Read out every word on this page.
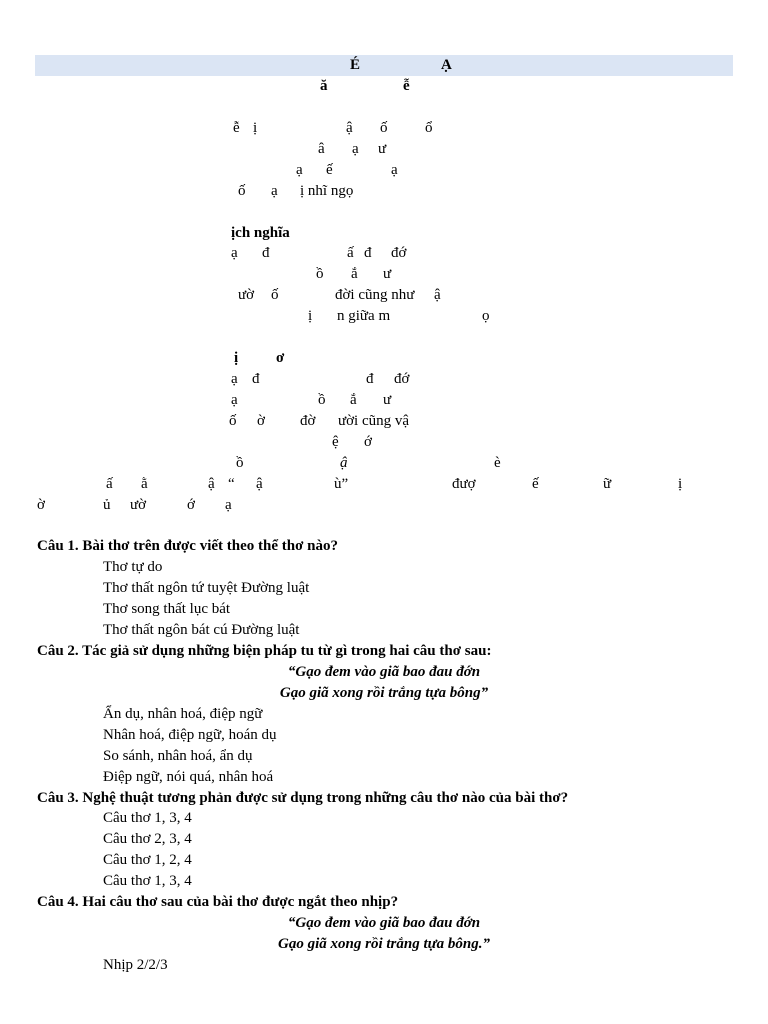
É	Ạ
ă	ễ
ễ ị	ậ ố	ổ
â ạ ư
ạ ế	ạ
ố ạ ị nhĩ ngọ
ịch nghĩa
ạ đ	ấ đ đớ
ồ ắ ư
ườ ố	đời cũng như ậ
ị n giữa m	ọ
ị	ơ
ạ đ	đ đớ
ạ	ồ ắ ư
ố ờ đờ ười cũng vậ
ệ ớ
ồ	ậ	è
ấ ằ	ậ “ ậ	ù”	đượ	ế	ữ	ị
ờ	ủ ườ	ớ ạ
Câu 1. Bài thơ trên được viết theo thể thơ nào?
Thơ tự do
Thơ thất ngôn tứ tuyệt Đường luật
Thơ song thất lục bát
Thơ thất ngôn bát cú Đường luật
Câu 2. Tác giả sử dụng những biện pháp tu từ gì trong hai câu thơ sau:
“Gạo đem vào giã bao đau đớn
Gạo giã xong rồi trắng tựa bông”
Ẩn dụ, nhân hoá, điệp ngữ
Nhân hoá, điệp ngữ, hoán dụ
So sánh, nhân hoá, ẩn dụ
Điệp ngữ, nói quá, nhân hoá
Câu 3. Nghệ thuật tương phản được sử dụng trong những câu thơ nào của bài thơ?
Câu thơ 1, 3, 4
Câu thơ 2, 3, 4
Câu thơ 1, 2, 4
Câu thơ 1, 3, 4
Câu 4. Hai câu thơ sau của bài thơ được ngắt theo nhịp?
“Gạo đem vào giã bao đau đớn
Gạo giã xong rồi trắng tựa bông.”
Nhịp 2/2/3
